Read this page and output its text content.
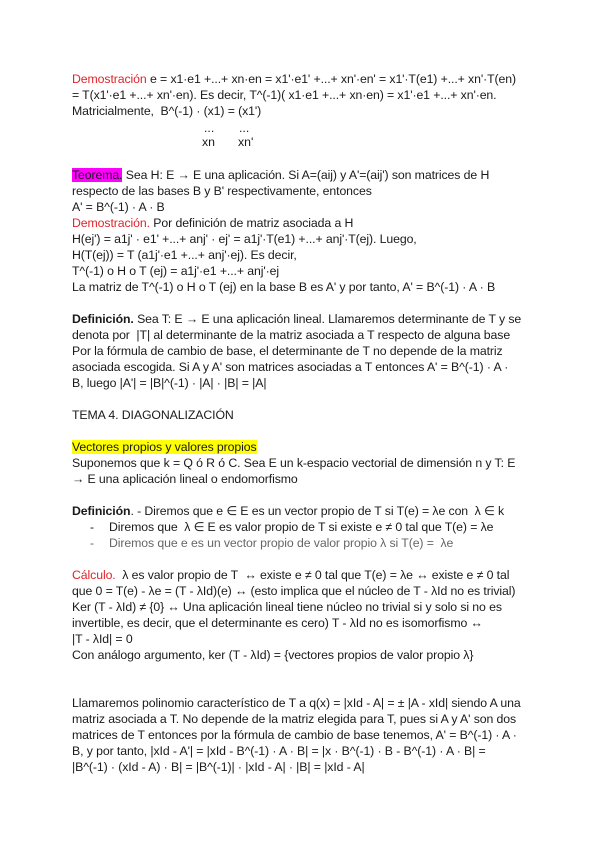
Demostración e = x1·e1 +...+ xn·en = x1'·e1' +...+ xn'·en' = x1'·T(e1) +...+ xn'·T(en)
= T(x1'·e1 +...+ xn'·en). Es decir, T^(-1)( x1·e1 +...+ xn·en) = x1'·e1 +...+ xn'·en.
Matricialmente,  B^(-1) · (x1) = (x1')
... ...
xn xn'
Teorema. Sea H: E → E una aplicación. Si A=(aij) y A'=(aij') son matrices de H
respecto de las bases B y B' respectivamente, entonces
A' = B^(-1) · A · B
Demostración. Por definición de matriz asociada a H
H(ej') = a1j' · e1' +...+ anj' · ej' = a1j'·T(e1) +...+ anj'·T(ej). Luego,
H(T(ej)) = T (a1j'·e1 +...+ anj'·ej). Es decir,
T^(-1) o H o T (ej) = a1j'·e1 +...+ anj'·ej
La matriz de T^(-1) o H o T (ej) en la base B es A' y por tanto, A' = B^(-1) · A · B
Definición. Sea T: E → E una aplicación lineal. Llamaremos determinante de T y se
denota por  |T| al determinante de la matriz asociada a T respecto de alguna base
Por la fórmula de cambio de base, el determinante de T no depende de la matriz
asociada escogida. Si A y A' son matrices asociadas a T entonces A' = B^(-1) · A ·
B, luego |A'| = |B|^(-1) · |A| · |B| = |A|
TEMA 4. DIAGONALIZACIÓN
Vectores propios y valores propios
Suponemos que k = Q ó R ó C. Sea E un k-espacio vectorial de dimensión n y T: E
→ E una aplicación lineal o endomorfismo
Definición. - Diremos que e ∈ E es un vector propio de T si T(e) = λe con  λ ∈ k
- Diremos que  λ ∈ E es valor propio de T si existe e ≠ 0 tal que T(e) = λe
- Diremos que e es un vector propio de valor propio λ si T(e) =  λe
Cálculo.  λ es valor propio de T  ↔ existe e ≠ 0 tal que T(e) = λe ↔ existe e ≠ 0 tal
que 0 = T(e) - λe = (T - λId)(e) ↔ (esto implica que el núcleo de T - λId no es trivial)
Ker (T - λId) ≠ {0} ↔ Una aplicación lineal tiene núcleo no trivial si y solo si no es
invertible, es decir, que el determinante es cero) T - λId no es isomorfismo ↔
|T - λId| = 0
Con análogo argumento, ker (T - λId) = {vectores propios de valor propio λ}
Llamaremos polinomio característico de T a q(x) = |xId - A| = ± |A - xId| siendo A una
matriz asociada a T. No depende de la matriz elegida para T, pues si A y A' son dos
matrices de T entonces por la fórmula de cambio de base tenemos, A' = B^(-1) · A ·
B, y por tanto, |xId - A'| = |xId - B^(-1) · A · B| = |x · B^(-1) · B - B^(-1) · A · B| =
|B^(-1) · (xId - A) · B| = |B^(-1)| · |xId - A| · |B| = |xId - A|
